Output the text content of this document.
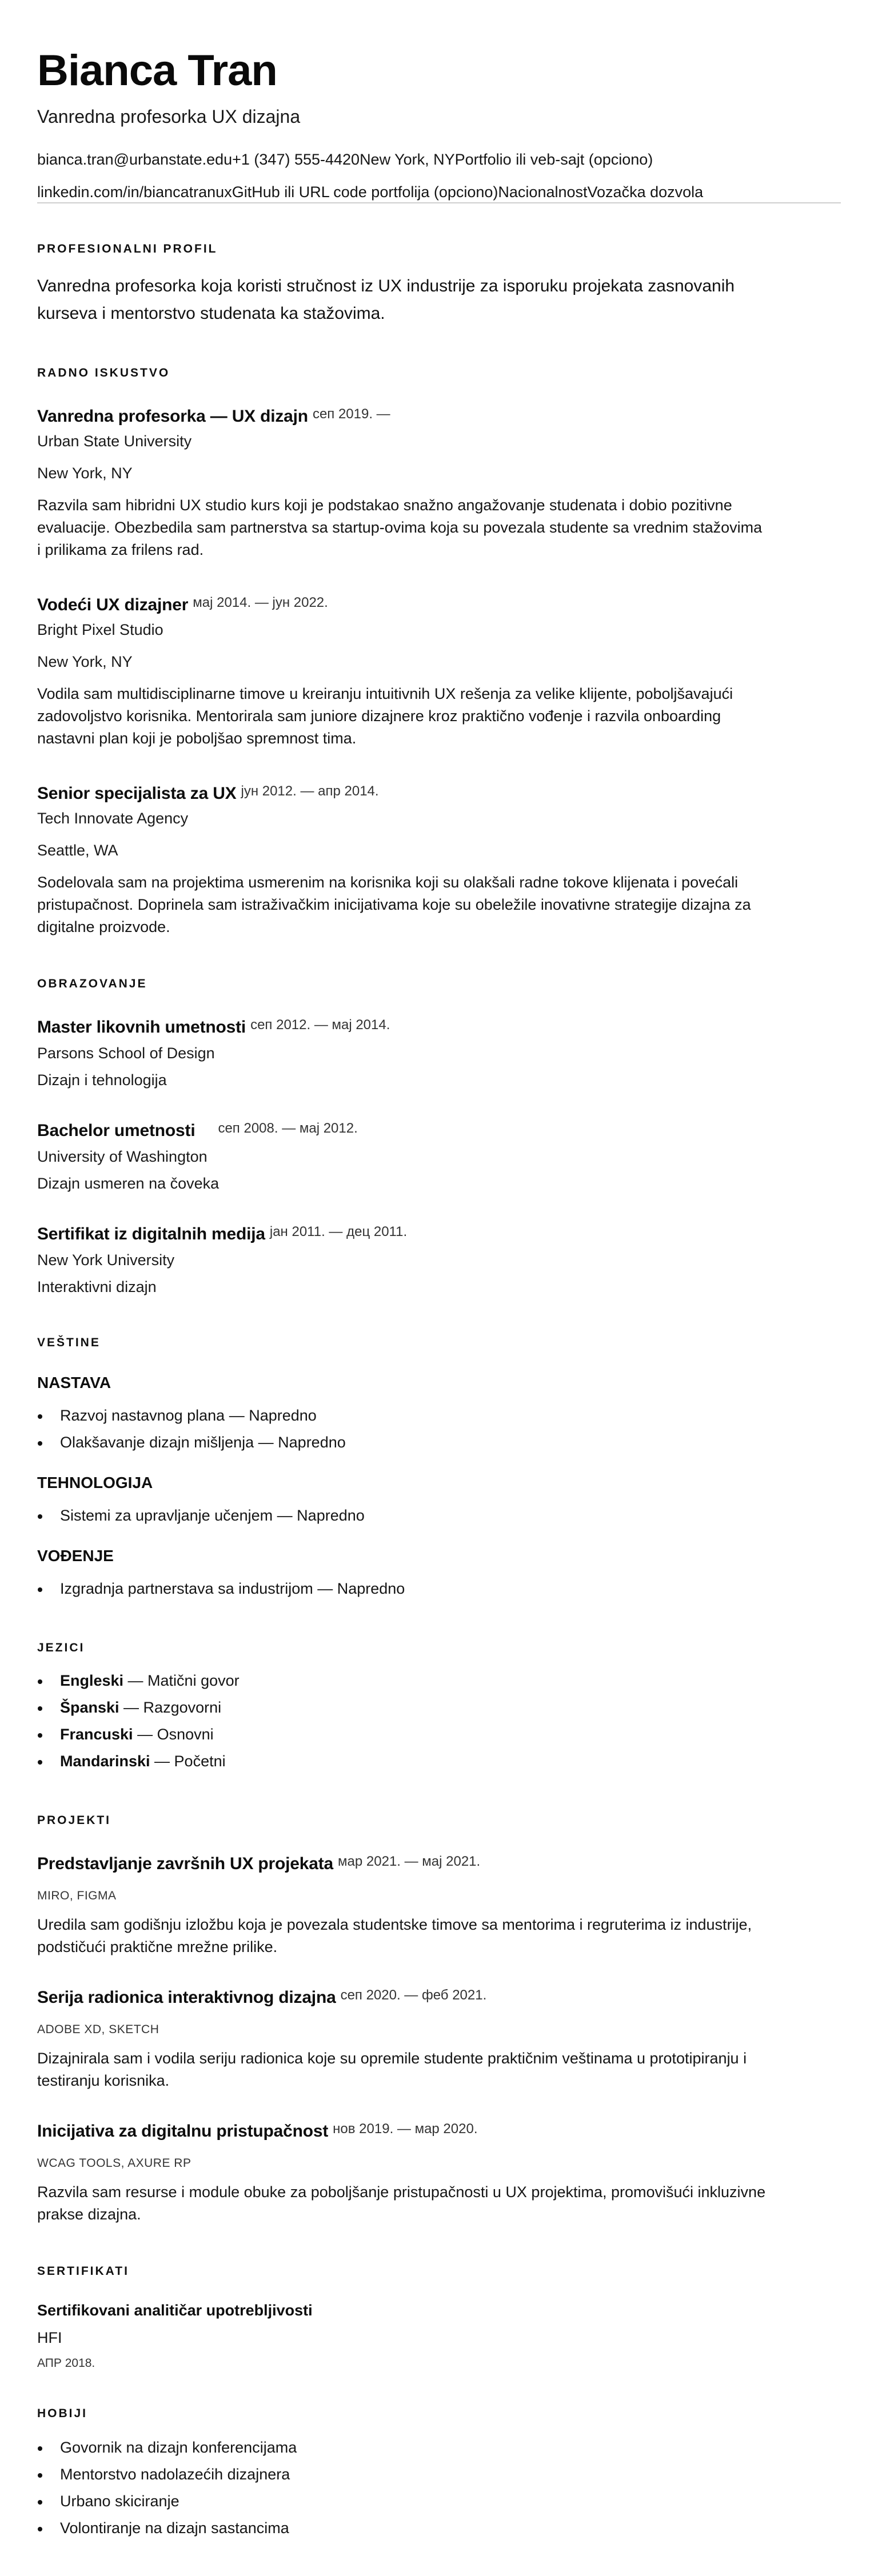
Bianca Tran
Vanredna profesorka UX dizajna
bianca.tran@urbanstate.edu+1 (347) 555-4420New York, NYPortfolio ili veb-sajt (opciono)
linkedin.com/in/biancatranuxGitHub ili URL code portfolija (opciono)NacionalnostVozačka dozvola
PROFESIONALNI PROFIL
Vanredna profesorka koja koristi stručnost iz UX industrije za isporuku projekata zasnovanih
kurseva i mentorstvo studenata ka stažovima.
RADNO ISKUSTVO
Vanredna profesorka — UX dizajn $^{сеп 2019. —}$
Urban State University
New York, NY
Razvila sam hibridni UX studio kurs koji je podstakao snažno angažovanje studenata i dobio pozitivne
evaluacije. Obezbedila sam partnerstva sa startup-ovima koja su povezala studente sa vrednim stažovima
i prilikama za frilens rad.
Vodeći UX dizajner $^{мај 2014. — јун 2022.}$
Bright Pixel Studio
New York, NY
Vodila sam multidisciplinarne timove u kreiranju intuitivnih UX rešenja za velike klijente, poboljšavajući
zadovoljstvo korisnika. Mentorirala sam juniore dizajnere kroz praktično vođenje i razvila onboarding
nastavni plan koji je poboljšao spremnost tima.
Senior specijalista za UX $^{јун 2012. — апр 2014.}$
Tech Innovate Agency
Seattle, WA
Sodelovala sam na projektima usmerenim na korisnika koji su olakšali radne tokove klijenata i povećali
pristupačnost. Doprinela sam istraživačkim inicijativama koje su obeležile inovativne strategije dizajna za
digitalne proizvode.
OBRAZOVANJE
Master likovnih umetnosti $^{сеп 2012. — мај 2014.}$
Parsons School of Design
Dizajn i tehnologija
Bachelor umetnosti $^{сеп 2008. — мај 2012.}$
University of Washington
Dizajn usmeren na čoveka
Sertifikat iz digitalnih medija $^{јан 2011. — дец 2011.}$
New York University
Interaktivni dizajn
VEŠTINE
NASTAVA
Razvoj nastavnog plana — Napredno
Olakšavanje dizajn mišljenja — Napredno
TEHNOLOGIJA
Sistemi za upravljanje učenjem — Napredno
VOĐENJE
Izgradnja partnerstava sa industrijom — Napredno
JEZICI
Engleski — Matični govor
Španski — Razgovorni
Francuski — Osnovni
Mandarinski — Početni
PROJEKTI
Predstavljanje završnih UX projekata $^{мар 2021. — мај 2021.}$
MIRO, FIGMA
Uredila sam godišnju izložbu koja je povezala studentske timove sa mentorima i regruterima iz industrije,
podstičući praktične mrežne prilike.
Serija radionica interaktivnog dizajna $^{сеп 2020. — феб 2021.}$
ADOBE XD, SKETCH
Dizajnirala sam i vodila seriju radionica koje su opremile studente praktičnim veštinama u prototipiranju i
testiranju korisnika.
Inicijativa za digitalnu pristupačnost $^{нов 2019. — мар 2020.}$
WCAG TOOLS, AXURE RP
Razvila sam resurse i module obuke za poboljšanje pristupačnosti u UX projektima, promovišući inkluzivne
prakse dizajna.
SERTIFIKATI
Sertifikovani analitičar upotrebljivosti
HFI
АПР 2018.
HOBIJI
Govornik na dizajn konferencijama
Mentorstvo nadolazećih dizajnera
Urbano skiciranje
Volontiranje na dizajn sastancima
